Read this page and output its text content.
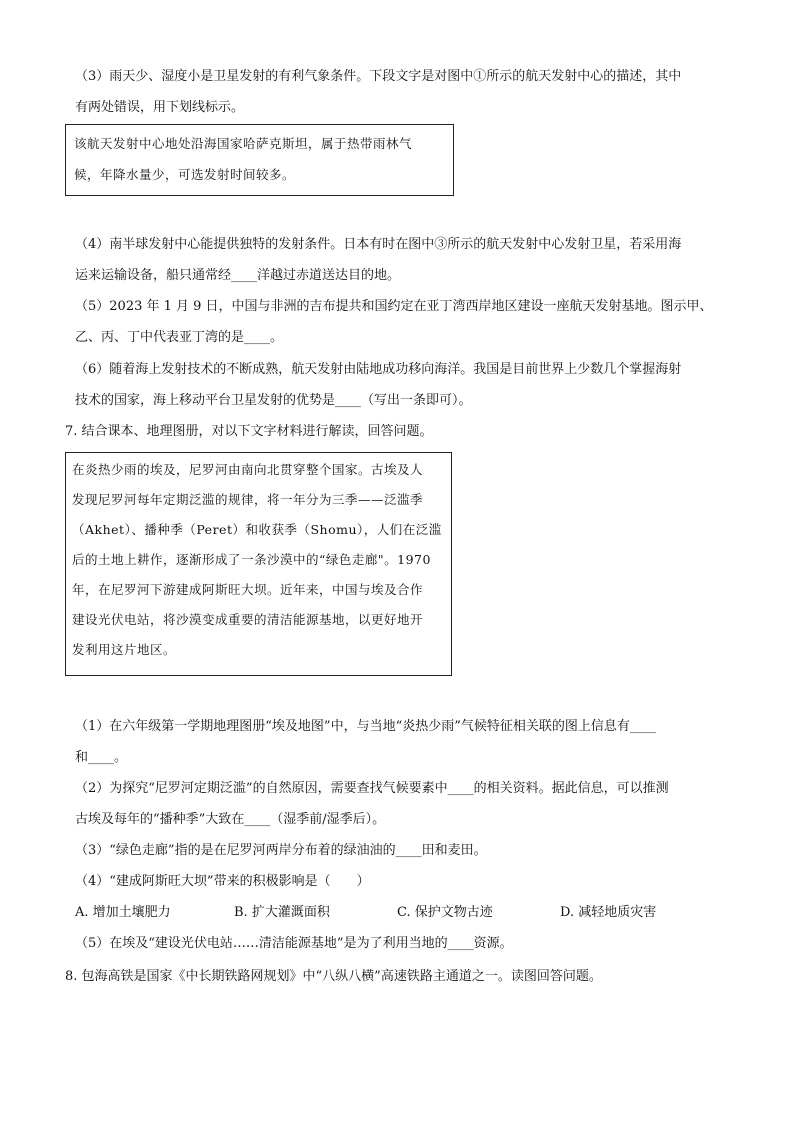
（3）雨天少、湿度小是卫星发射的有利气象条件。下段文字是对图中①所示的航天发射中心的描述，其中
有两处错误，用下划线标示。
该航天发射中心地处沿海国家哈萨克斯坦，属于热带雨林气
候，年降水量少，可选发射时间较多。
（4）南半球发射中心能提供独特的发射条件。日本有时在图中③所示的航天发射中心发射卫星，若采用海
运来运输设备，船只通常经____洋越过赤道送达目的地。
（5）2023 年 1 月 9 日，中国与非洲的吉布提共和国约定在亚丁湾西岸地区建设一座航天发射基地。图示甲、
乙、丙、丁中代表亚丁湾的是____。
（6）随着海上发射技术的不断成熟，航天发射由陆地成功移向海洋。我国是目前世界上少数几个掌握海射
技术的国家，海上移动平台卫星发射的优势是____（写出一条即可）。
7. 结合课本、地理图册，对以下文字材料进行解读，回答问题。
在炎热少雨的埃及，尼罗河由南向北贯穿整个国家。古埃及人
发现尼罗河每年定期泛滥的规律，将一年分为三季——泛滥季
（Akhet）、播种季（Peret）和收获季（Shomu），人们在泛滥
后的土地上耕作，逐渐形成了一条沙漠中的“绿色走廊"。1970
年，在尼罗河下游建成阿斯旺大坝。近年来，中国与埃及合作
建设光伏电站，将沙漠变成重要的清洁能源基地，以更好地开
发利用这片地区。
（1）在六年级第一学期地理图册“埃及地图”中，与当地“炎热少雨”气候特征相关联的图上信息有____
和____。
（2）为探究“尼罗河定期泛滥”的自然原因，需要查找气候要素中____的相关资料。据此信息，可以推测
古埃及每年的“播种季”大致在____（湿季前/湿季后）。
（3）“绿色走廊”指的是在尼罗河两岸分布着的绿油油的____田和麦田。
（4）“建成阿斯旺大坝”带来的积极影响是（　　）
A. 增加土壤肥力	B. 扩大灌溉面积	C. 保护文物古迹	D. 减轻地质灾害
（5）在埃及“建设光伏电站……清洁能源基地”是为了利用当地的____资源。
8. 包海高铁是国家《中长期铁路网规划》中“八纵八横”高速铁路主通道之一。读图回答问题。
